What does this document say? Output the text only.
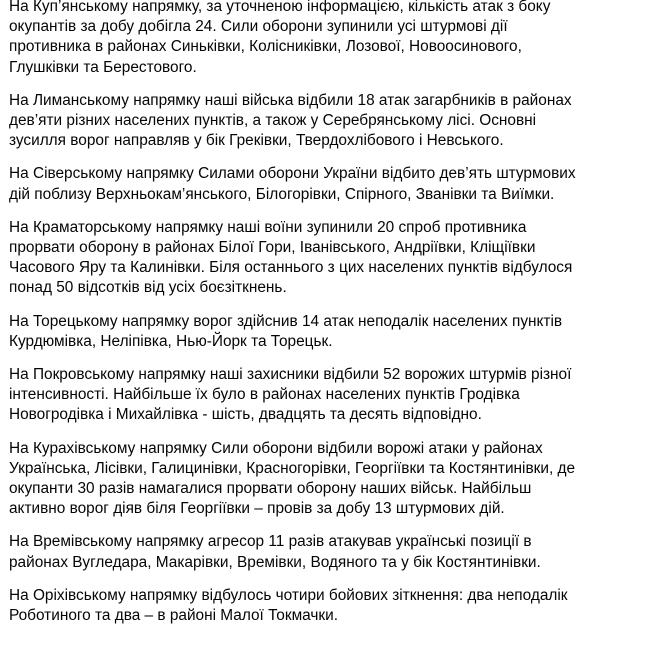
На Куп’янському напрямку, за уточненою інформацією, кількість атак з боку
окупантів за добу добігла 24. Сили оборони зупинили усі штурмові дії
противника в районах Синьківки, Колісниківки, Лозової, Новоосинового,
Глушківки та Берестового.

На Лиманському напрямку наші війська відбили 18 атак загарбників в районах
дев’яти різних населених пунктів, а також у Серебрянському лісі. Основні
зусилля ворог направляв у бік Греківки, Твердохлібового і Невського.

На Сіверському напрямку Силами оборони України відбито дев’ять штурмових
дій поблизу Верхньокам’янського, Білогорівки, Спірного, Званівки та Виїмки.

На Краматорському напрямку наші воїни зупинили 20 спроб противника
прорвати оборону в районах Білої Гори, Іванівського, Андріївки, Кліщіївки
Часового Яру та Калинівки. Біля останнього з цих населених пунктів відбулося
понад 50 відсотків від усіх боєзіткнень.

На Торецькому напрямку ворог здійснив 14 атак неподалік населених пунктів
Курдюмівка, Неліпівка, Нью-Йорк та Торецьк.

На Покровському напрямку наші захисники відбили 52 ворожих штурмів різної
інтенсивності. Найбільше їх було в районах населених пунктів Гродівка
Новогродівка і Михайлівка - шість, двадцять та десять відповідно.

На Курахівському напрямку Сили оборони відбили ворожі атаки у районах
Українська, Лісівки, Галицинівки, Красногорівки, Георгіївки та Костянтинівки, де
окупанти 30 разів намагалися прорвати оборону наших військ. Найбільш
активно ворог діяв біля Георгіївки – провів за добу 13 штурмових дій.

На Времівському напрямку агресор 11 разів атакував українські позиції в
районах Вугледара, Макарівки, Времівки, Водяного та у бік Костянтинівки.

На Оріхівському напрямку відбулось чотири бойових зіткнення: два неподалік
Роботиного та два – в районі Малої Токмачки.
